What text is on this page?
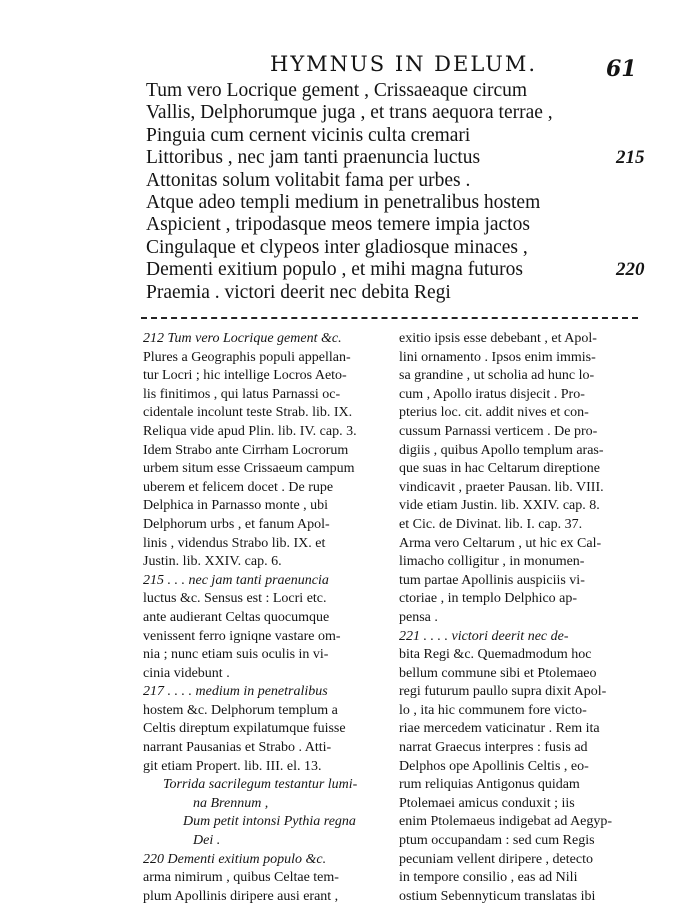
HYMNUS IN DELUM.	61
Tum vero Locrique gement , Crissaeaque circum
Vallis, Delphorumque juga , et trans aequora terrae ,
Pinguia cum cernent vicinis culta cremari
Littoribus , nec jam tanti praenuncia luctus	215
Attonitas solum volitabit fama per urbes .
Atque adeo templi medium in penetralibus hostem
Aspicient , tripodasque meos temere impia jactos
Cingulaque et clypeos inter gladiosque minaces ,
Dementi exitium populo , et mihi magna futuros	220
Praemia . victori deerit nec debita Regi
212 Tum vero Locrique gement &c.
Plures a Geographis populi appellan-
tur Locri ; hic intellige Locros Aeto-
lis finitimos , qui latus Parnassi oc-
cidentale incolunt teste Strab. lib. IX.
Reliqua vide apud Plin. lib. IV. cap. 3.
Idem Strabo ante Cirrham Locrorum
urbem situm esse Crissaeum campum
uberem et felicem docet . De rupe
Delphica in Parnasso monte , ubi
Delphorum urbs , et fanum Apol-
linis , videndus Strabo lib. IX. et
Justin. lib. XXIV. cap. 6.
215 . . . nec jam tanti praenuncia
luctus &c. Sensus est : Locri etc.
ante audierant Celtas quocumque
venissent ferro igniqne vastare om-
nia ; nunc etiam suis oculis in vi-
cinia videbunt .
217 . . . . medium in penetralibus
hostem &c. Delphorum templum a
Celtis direptum expilatumque fuisse
narrant Pausanias et Strabo . Atti-
git etiam Propert. lib. III. el. 13.
Torrida sacrilegum testantur lumi-
na Brennum ,
Dum petit intonsi Pythia regna
Dei .
220 Dementi exitium populo &c.
arma nimirum , quibus Celtae tem-
plum Apollinis diripere ausi erant ,
exitio ipsis esse debebant , et Apol-
lini ornamento . Ipsos enim immis-
sa grandine , ut scholia ad hunc lo-
cum , Apollo iratus disjecit . Pro-
pterius loc. cit. addit nives et con-
cussum Parnassi verticem . De pro-
digiis , quibus Apollo templum aras-
que suas in hac Celtarum direptione
vindicavit , praeter Pausan. lib. VIII.
vide etiam Justin. lib. XXIV. cap. 8.
et Cic. de Divinat. lib. I. cap. 37.
Arma vero Celtarum , ut hic ex Cal-
limacho colligitur , in monumen-
tum partae Apollinis auspiciis vi-
ctoriae , in templo Delphico ap-
pensa .
221 . . . . victori deerit nec de-
bita Regi &c. Quemadmodum hoc
bellum commune sibi et Ptolemaeo
regi futurum paullo supra dixit Apol-
lo , ita hic communem fore victo-
riae mercedem vaticinatur . Rem ita
narrat Graecus interpres : fusis ad
Delphos ope Apollinis Celtis , eo-
rum reliquias Antigonus quidam
Ptolemaei amicus conduxit ; iis
enim Ptolemaeus indigebat ad Aegyp-
ptum occupandam : sed cum Regis
pecuniam vellent diripere , detecto
in tempore consilio , eas ad Nili
ostium Sebennyticum translatas ibi
